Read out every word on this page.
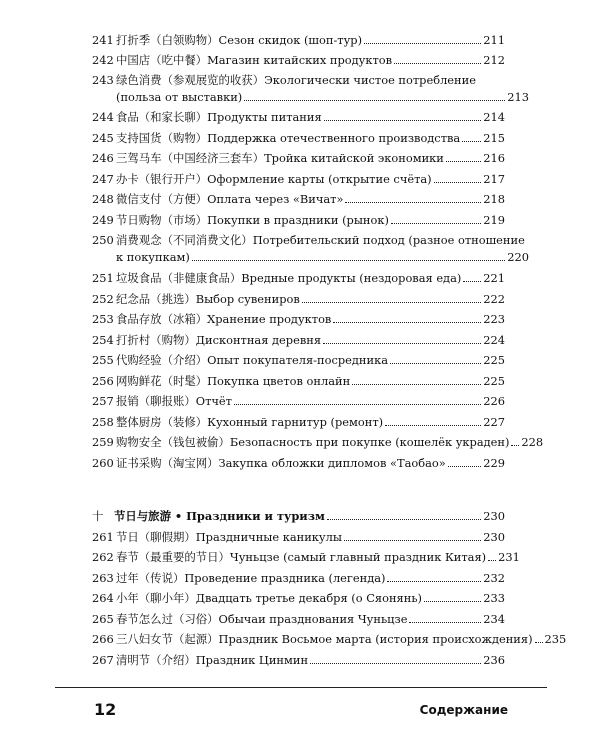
241 打折季（白领购物）Сезон скидок (шоп-тур)	211
242 中国店（吃中餐）Магазин китайских продуктов	212
243 绿色消费（参观展览的收获）Экологически чистое потребление
(польза от выставки)	213
244 食品（和家长聊）Продукты питания	214
245 支持国货（购物）Поддержка отечественного производства 215
246 三驾马车（中国经济三套车）Тройка китайской экономики	216
247 办卡（银行开户）Оформление карты (открытие счёта)	217
248 微信支付（方便）Оплата через «Вичат»	218
249 节日购物（市场）Покупки в праздники (рынок)	219
250 消费观念（不同消费文化）Потребительский подход (разное отношение
к покупкам)	220
251 垃圾食品（非健康食品）Вредные продукты (нездоровая еда) 221
252 纪念品（挑选）Выбор сувениров	222
253 食品存放（冰箱）Хранение продуктов	223
254 打折村（购物）Дисконтная деревня	224
255 代购经验（介绍）Опыт покупателя-посредника	225
256 网购鲜花（时髦）Покупка цветов онлайн	225
257 报销（聊报账）Отчёт	226
258 整体厨房（装修）Кухонный гарнитур (ремонт)	227
259 购物安全（钱包被偷）Безопасность при покупке (кошелёк украден) 228
260 证书采购（淘宝网）Закупка обложки дипломов «Таобао»	229
十 节日与旅游 • Праздники и туризм	230
261 节日（聊假期）Праздничные каникулы	230
262 春节（最重要的节日）Чуньцзе (самый главный праздник Китая) 231
263 过年（传说）Проведение праздника (легенда)	232
264 小年（聊小年）Двадцать третье декабря (о Сяонянь)	233
265 春节怎么过（习俗）Обычаи празднования Чуньцзе	234
266 三八妇女节（起源）Праздник Восьмое марта (история происхождения) 235
267 清明节（介绍）Праздник Цинмин	236
12	Содержание
